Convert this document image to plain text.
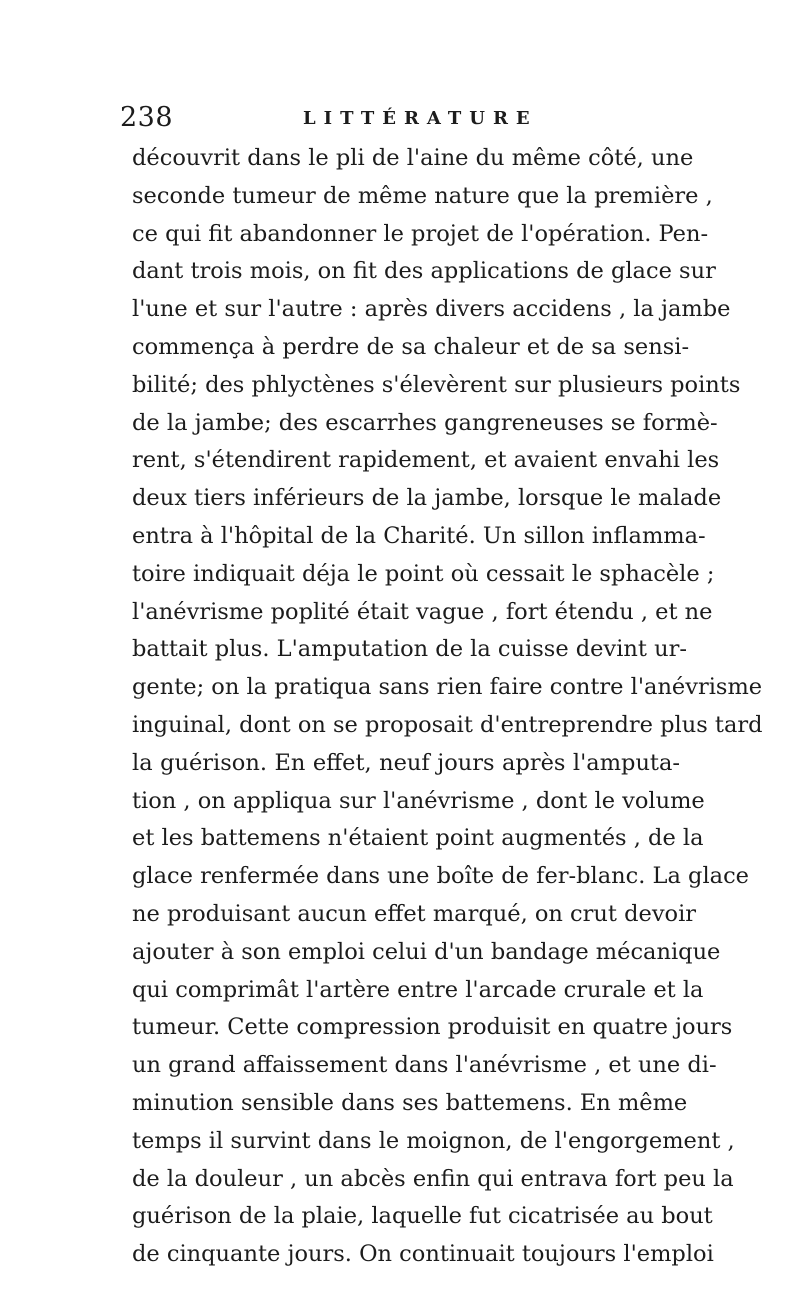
238	LITTÉRATURE
découvrit dans le pli de l'aine du même côté, une
seconde tumeur de même nature que la première ,
ce qui fit abandonner le projet de l'opération. Pen-
dant trois mois, on fit des applications de glace sur
l'une et sur l'autre : après divers accidens , la jambe
commença à perdre de sa chaleur et de sa sensi-
bilité; des phlyctènes s'élevèrent sur plusieurs points
de la jambe; des escarrhes gangreneuses se formè-
rent, s'étendirent rapidement, et avaient envahi les
deux tiers inférieurs de la jambe, lorsque le malade
entra à l'hôpital de la Charité. Un sillon inflamma-
toire indiquait déja le point où cessait le sphacèle ;
l'anévrisme poplité était vague , fort étendu , et ne
battait plus. L'amputation de la cuisse devint ur-
gente; on la pratiqua sans rien faire contre l'anévrisme
inguinal, dont on se proposait d'entreprendre plus tard
la guérison. En effet, neuf jours après l'amputa-
tion , on appliqua sur l'anévrisme , dont le volume
et les battemens n'étaient point augmentés , de la
glace renfermée dans une boîte de fer-blanc. La glace
ne produisant aucun effet marqué, on crut devoir
ajouter à son emploi celui d'un bandage mécanique
qui comprimât l'artère entre l'arcade crurale et la
tumeur. Cette compression produisit en quatre jours
un grand affaissement dans l'anévrisme , et une di-
minution sensible dans ses battemens. En même
temps il survint dans le moignon, de l'engorgement ,
de la douleur , un abcès enfin qui entrava fort peu la
guérison de la plaie, laquelle fut cicatrisée au bout
de cinquante jours. On continuait toujours l'emploi
